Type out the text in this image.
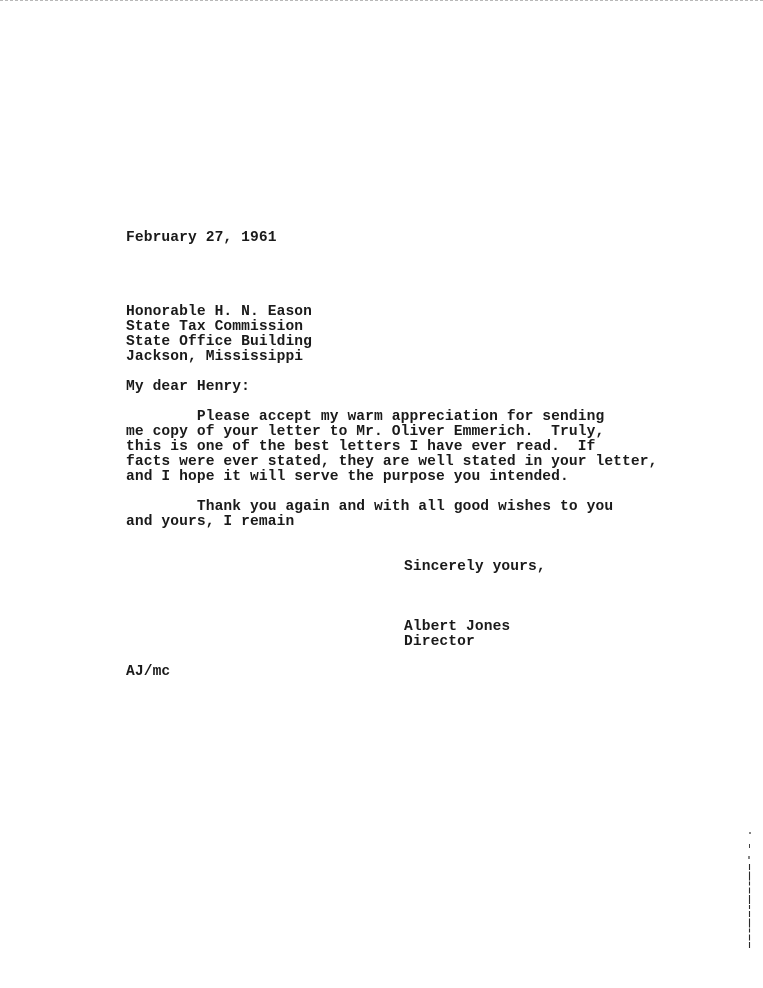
February 27, 1961
Honorable H. N. Eason
State Tax Commission
State Office Building
Jackson, Mississippi
My dear Henry:
Please accept my warm appreciation for sending
me copy of your letter to Mr. Oliver Emmerich.  Truly,
this is one of the best letters I have ever read.  If
facts were ever stated, they are well stated in your letter,
and I hope it will serve the purpose you intended.
Thank you again and with all good wishes to you
and yours, I remain
Sincerely yours,
Albert Jones
Director
AJ/mc
